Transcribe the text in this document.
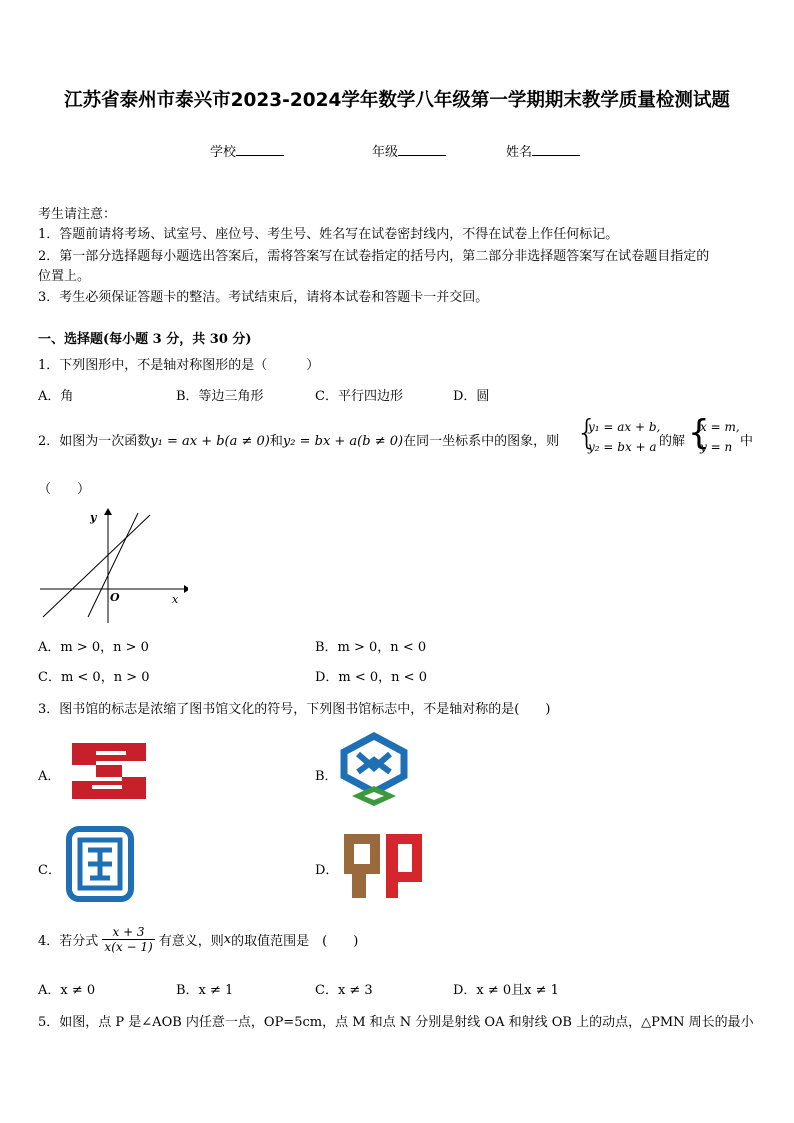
江苏省泰州市泰兴市2023-2024学年数学八年级第一学期期末教学质量检测试题
学校	年级	姓名
考生请注意：
1．答题前请将考场、试室号、座位号、考生号、姓名写在试卷密封线内，不得在试卷上作任何标记。
2．第一部分选择题每小题选出答案后，需将答案写在试卷指定的括号内，第二部分非选择题答案写在试卷题目指定的
位置上。
3．考生必须保证答题卡的整洁。考试结束后，请将本试卷和答题卡一并交回。
一、选择题(每小题 3 分，共 30 分)
1．下列图形中，不是轴对称图形的是（　　　）
A．角	B．等边三角形	C．平行四边形	D．圆
2．如图为一次函数y₁ = ax + b(a ≠ 0)和y₂ = bx + a(b ≠ 0)在同一坐标系中的图象，则 {
y₁ = ax + b,
y₂ = bx + a 的解 {
x = m,
y = n 中
（　　）
y
x
O
A．m > 0，n > 0	B．m > 0，n < 0
C．m < 0，n > 0	D．m < 0，n < 0
3．图书馆的标志是浓缩了图书馆文化的符号，下列图书馆标志中，不是轴对称的是(　　)
A．	B．
C．	D．
4．若分式 $\frac{x + 3}{x(x - 1)}$ 有意义，则x的取值范围是　(　　)
A．x ≠ 0	B．x ≠ 1	C．x ≠ 3	D．x ≠ 0且x ≠ 1
5．如图，点 P 是∠AOB 内任意一点，OP=5cm，点 M 和点 N 分别是射线 OA 和射线 OB 上的动点，△PMN 周长的最小
